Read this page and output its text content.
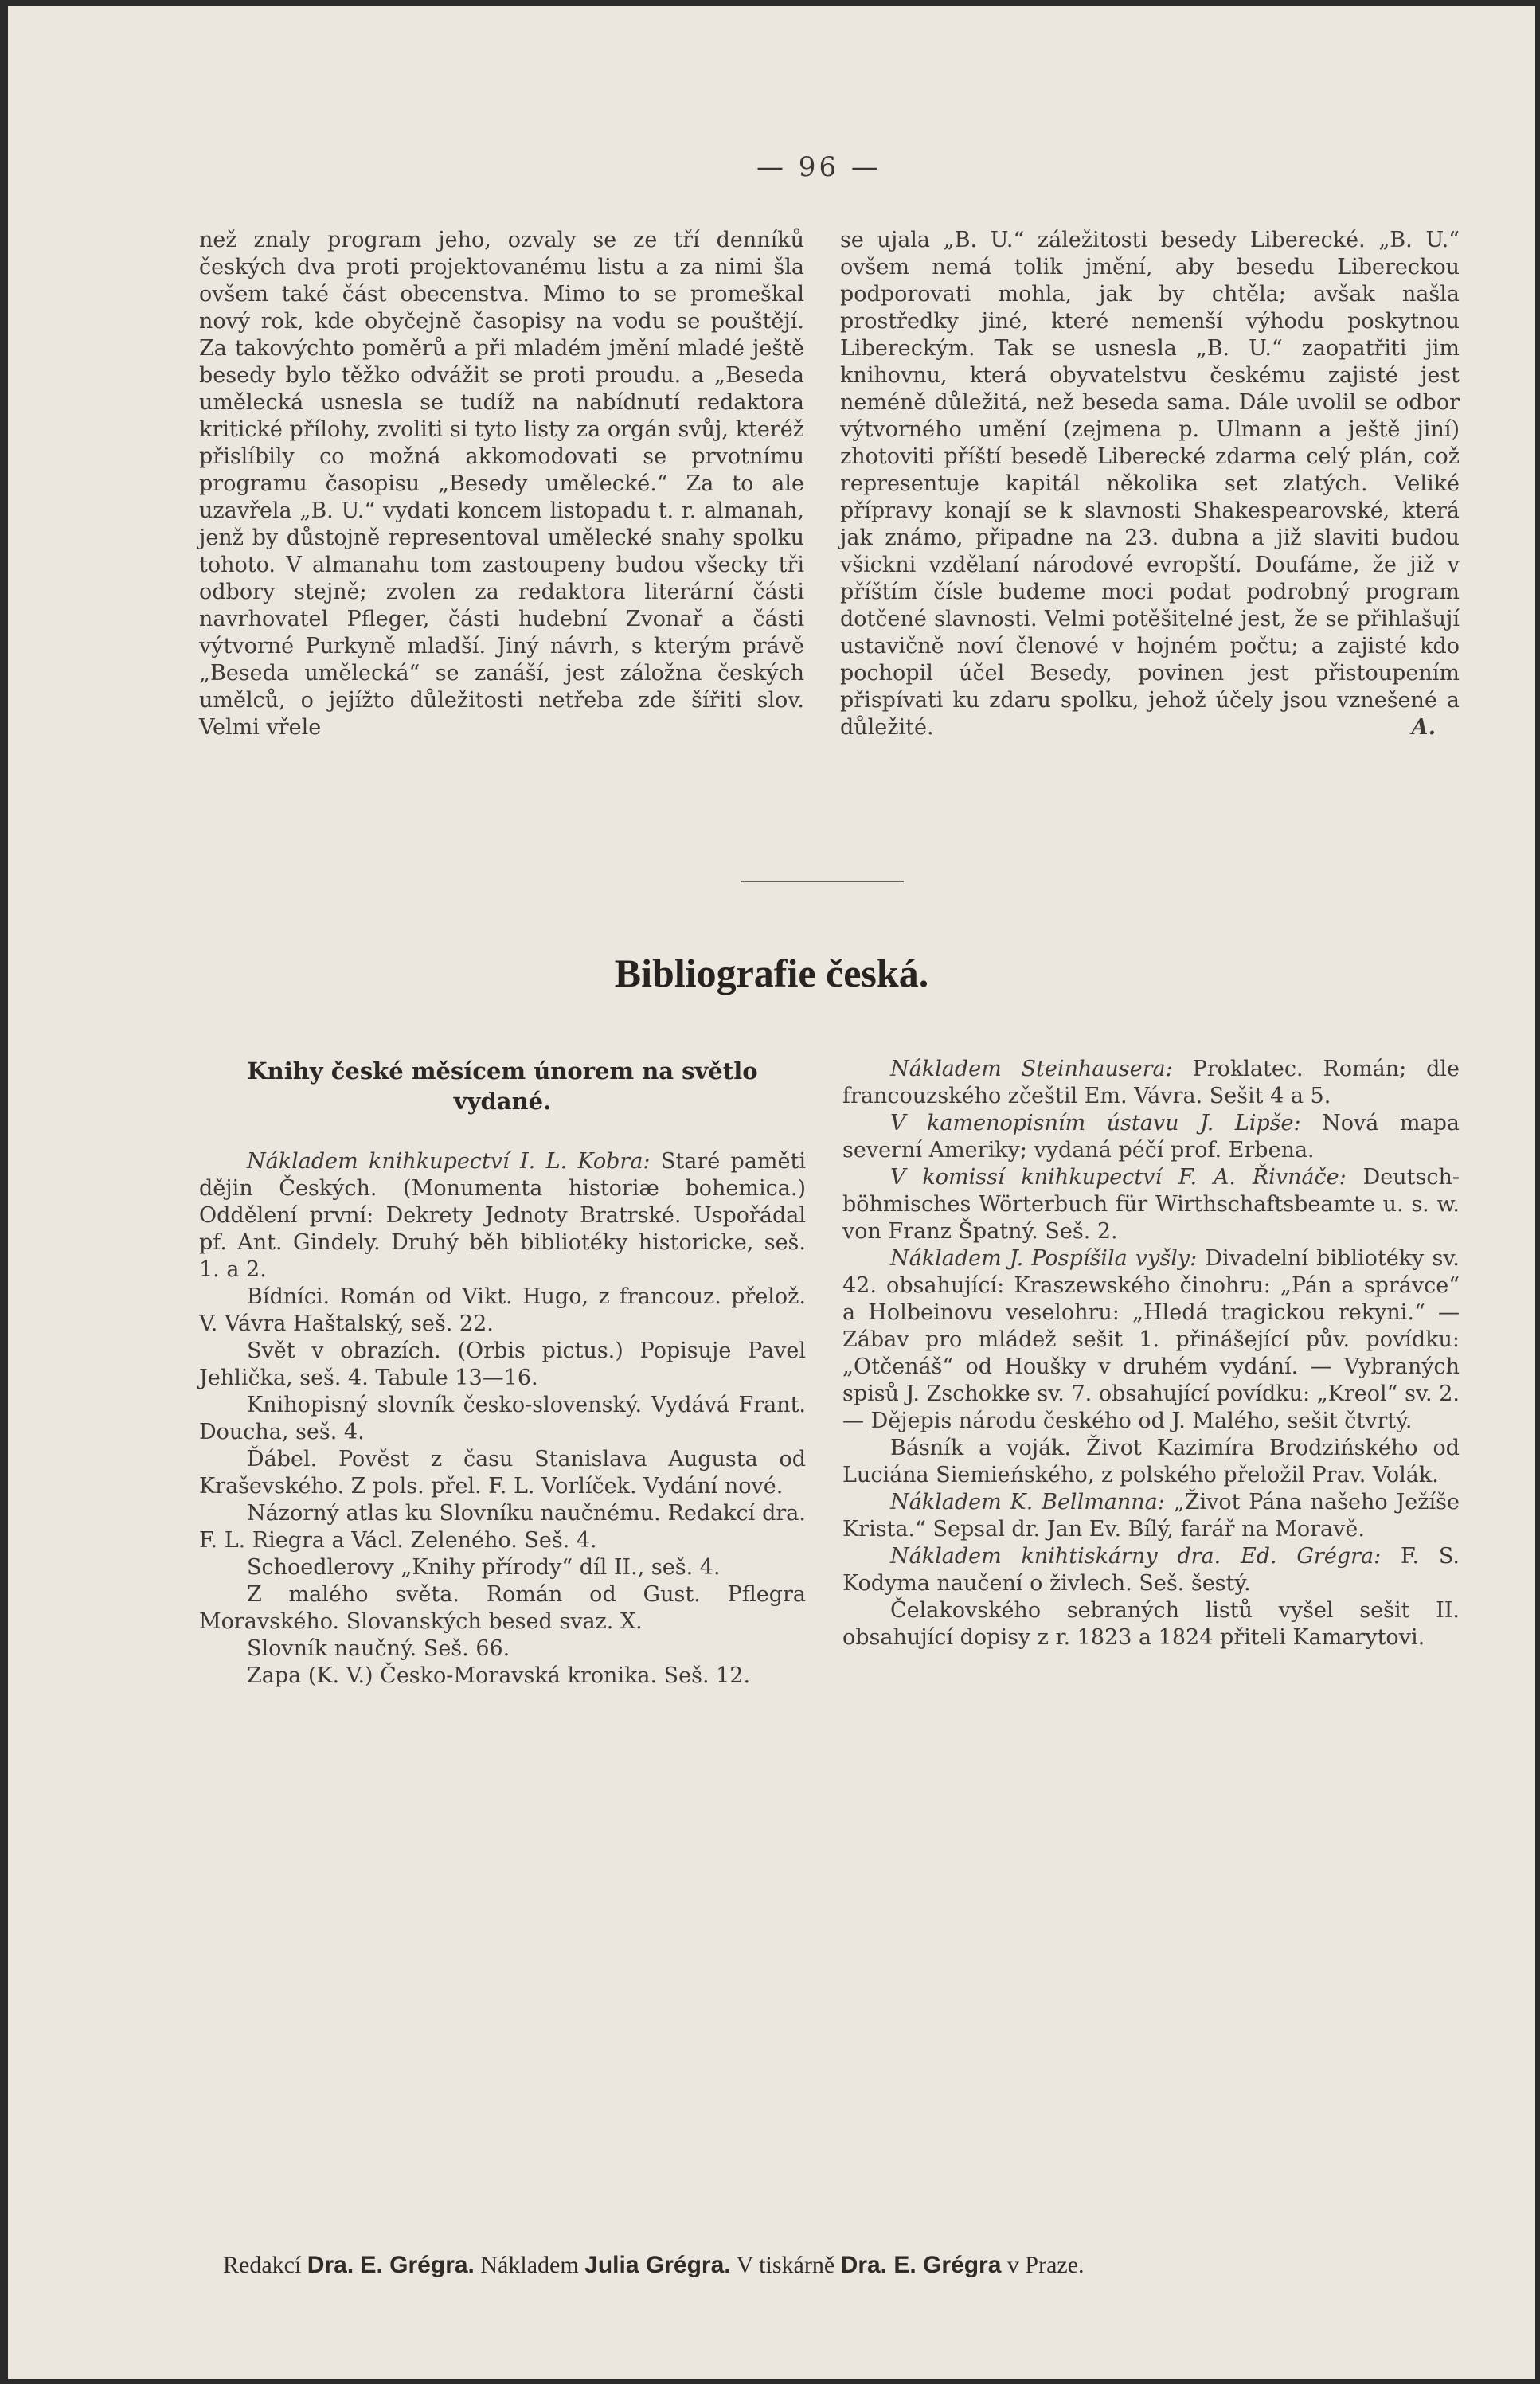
— 96 —

než znaly program jeho, ozvaly se ze tří denníků českých dva proti projektovanému listu a za nimi šla ovšem také část obecenstva. Mimo to se promeškal nový rok, kde obyčejně časopisy na vodu se pouštějí. Za takovýchto poměrů a při mladém jmění mladé ještě besedy bylo těžko odvážit se proti proudu. a „Beseda umělecká usnesla se tudíž na nabídnutí redaktora kritické přílohy, zvoliti si tyto listy za orgán svůj, kteréž přislíbily co možná akkomodovati se prvotnímu programu časopisu „Besedy umělecké.“ Za to ale uzavřela „B. U.“ vydati koncem listopadu t. r. almanah, jenž by důstojně representoval umělecké snahy spolku tohoto. V almanahu tom zastoupeny budou všecky tři odbory stejně; zvolen za redaktora literární části navrhovatel Pfleger, části hudební Zvonař a části výtvorné Purkyně mladší. Jiný návrh, s kterým právě „Beseda umělecká“ se zanáší, jest záložna českých umělců, o jejížto důležitosti netřeba zde šířiti slov. Velmi vřele

se ujala „B. U.“ záležitosti besedy Liberecké. „B. U.“ ovšem nemá tolik jmění, aby besedu Libereckou podporovati mohla, jak by chtěla; avšak našla prostředky jiné, které nemenší výhodu poskytnou Libereckým. Tak se usnesla „B. U.“ zaopatřiti jim knihovnu, která obyvatelstvu českému zajisté jest neméně důležitá, než beseda sama. Dále uvolil se odbor výtvorného umění (zejmena p. Ulmann a ještě jiní) zhotoviti příští besedě Liberecké zdarma celý plán, což representuje kapitál několika set zlatých. Veliké přípravy konají se k slavnosti Shakespearovské, která jak známo, připadne na 23. dubna a již slaviti budou všickni vzdělaní národové evropští. Doufáme, že již v příštím čísle budeme moci podat podrobný program dotčené slavnosti. Velmi potěšitelné jest, že se přihlašují ustavičně noví členové v hojném počtu; a zajisté kdo pochopil účel Besedy, povinen jest přistoupením přispívati ku zdaru spolku, jehož účely jsou vznešené a důležité.	A.

Bibliografie česká.
Knihy české měsícem únorem na světlo vydané.

Nákladem knihkupectví I. L. Kobra: Staré paměti dějin Českých. (Monumenta historiæ bohemica.) Oddělení první: Dekrety Jednoty Bratrské. Uspořádal pf. Ant. Gindely. Druhý běh bibliotéky historicke, seš. 1. a 2.

Bídníci. Román od Vikt. Hugo, z francouz. přelož. V. Vávra Haštalský, seš. 22.

Svět v obrazích. (Orbis pictus.) Popisuje Pavel Jehlička, seš. 4. Tabule 13—16.

Knihopisný slovník česko-slovenský. Vydává Frant. Doucha, seš. 4.

Ďábel. Pověst z času Stanislava Augusta od Kraševského. Z pols. přel. F. L. Vorlíček. Vydání nové.

Názorný atlas ku Slovníku naučnému. Redakcí dra. F. L. Riegra a Václ. Zeleného. Seš. 4.

Schoedlerovy „Knihy přírody“ díl II., seš. 4.

Z malého světa. Román od Gust. Pflegra Moravského. Slovanských besed svaz. X.

Slovník naučný. Seš. 66.

Zapa (K. V.) Česko-Moravská kronika. Seš. 12.

Nákladem Steinhausera: Proklatec. Román; dle francouzského zčeštil Em. Vávra. Sešit 4 a 5.

V kamenopisním ústavu J. Lipše: Nová mapa severní Ameriky; vydaná péčí prof. Erbena.

V komissí knihkupectví F. A. Řivnáče: Deutsch-böhmisches Wörterbuch für Wirthschaftsbeamte u. s. w. von Franz Špatný. Seš. 2.

Nákladem J. Pospíšila vyšly: Divadelní bibliotéky sv. 42. obsahující: Kraszewského činohru: „Pán a správce“ a Holbeinovu veselohru: „Hledá tragickou rekyni.“ — Zábav pro mládež sešit 1. přinášející pův. povídku: „Otčenáš“ od Houšky v druhém vydání. — Vybraných spisů J. Zschokke sv. 7. obsahující povídku: „Kreol“ sv. 2. — Dějepis národu českého od J. Malého, sešit čtvrtý.

Básník a voják. Život Kazimíra Brodzińského od Luciána Siemieńského, z polského přeložil Prav. Volák.

Nákladem K. Bellmanna: „Život Pána našeho Ježíše Krista.“ Sepsal dr. Jan Ev. Bílý, farář na Moravě.

Nákladem knihtiskárny dra. Ed. Grégra: F. S. Kodyma naučení o živlech. Seš. šestý.

Čelakovského sebraných listů vyšel sešit II. obsahující dopisy z r. 1823 a 1824 přiteli Kamarytovi.

Redakcí Dra. E. Grégra. Nákladem Julia Grégra. V tiskárně Dra. E. Grégra v Praze.
